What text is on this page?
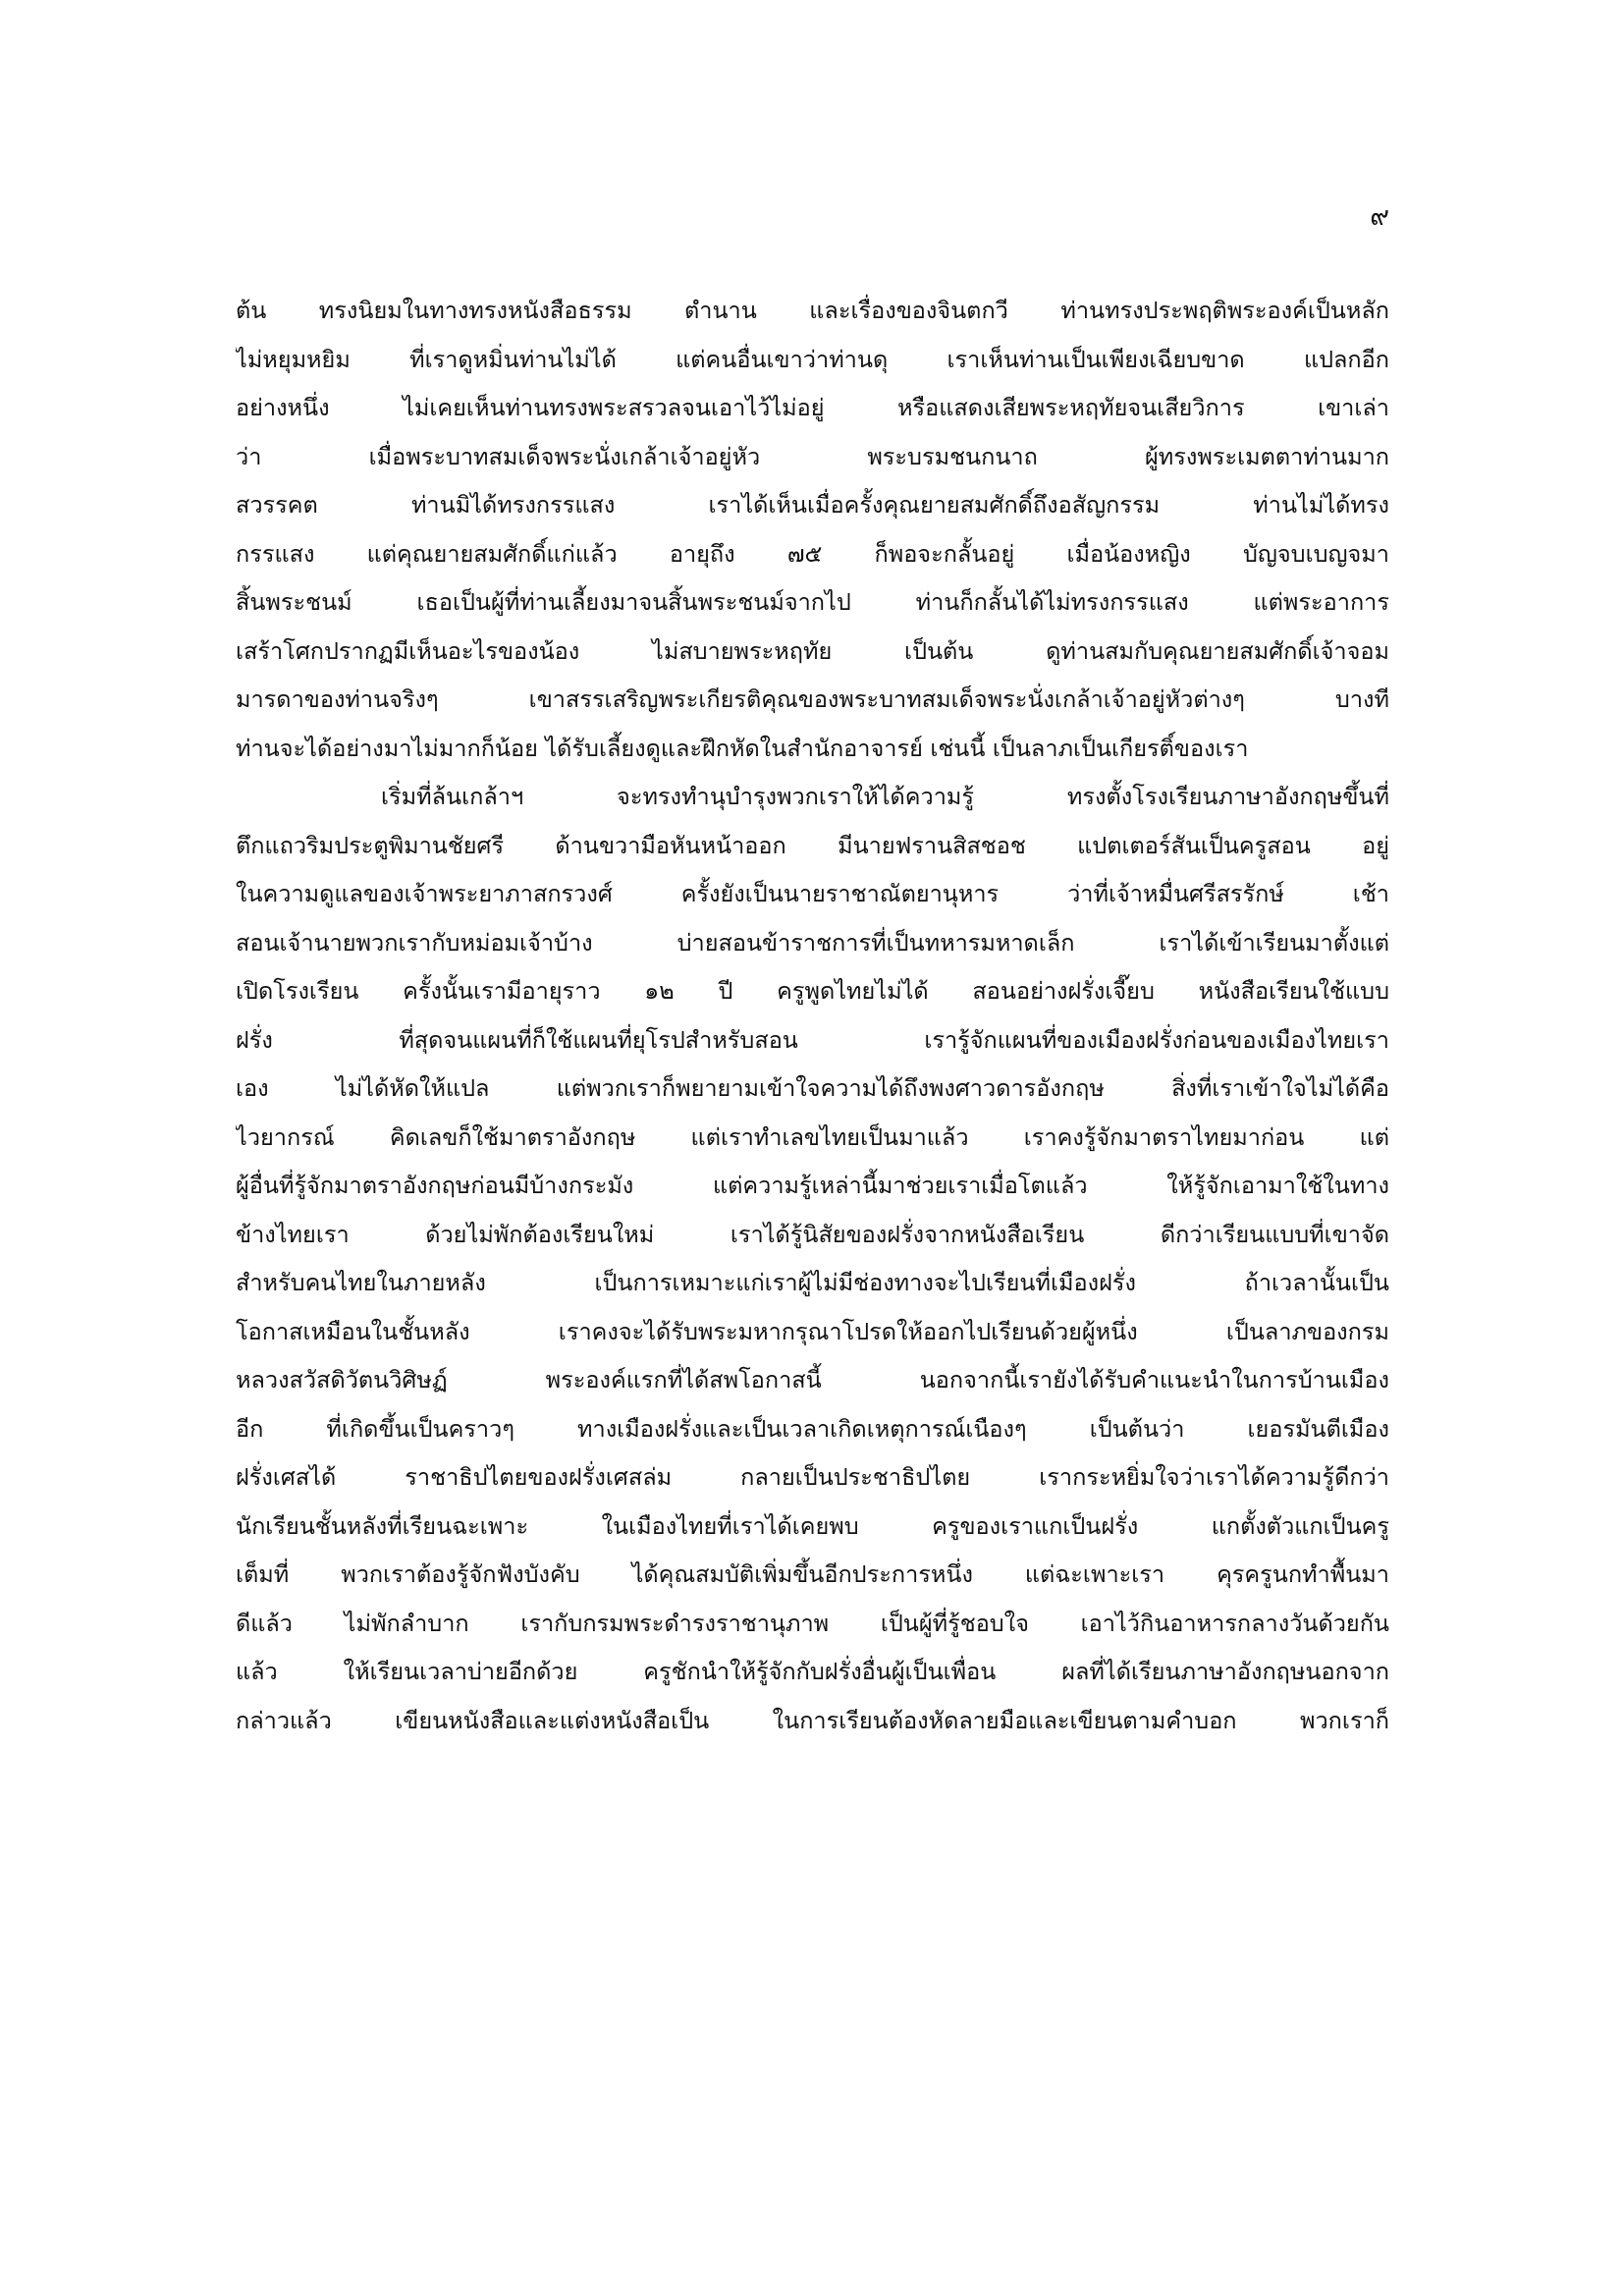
๙
ต้น ทรงนิยมในทางทรงหนังสือธรรม ตำนาน และเรื่องของจินตกวี ท่านทรงประพฤติพระองค์เป็นหลัก
ไม่หยุมหยิม ที่เราดูหมิ่นท่านไม่ได้ แต่คนอื่นเขาว่าท่านดุ เราเห็นท่านเป็นเพียงเฉียบขาด แปลกอีก
อย่างหนึ่ง ไม่เคยเห็นท่านทรงพระสรวลจนเอาไว้ไม่อยู่ หรือแสดงเสียพระหฤทัยจนเสียวิการ เขาเล่า
ว่า เมื่อพระบาทสมเด็จพระนั่งเกล้าเจ้าอยู่หัว พระบรมชนกนาถ ผู้ทรงพระเมตตาท่านมาก
สวรรคต ท่านมิได้ทรงกรรแสง เราได้เห็นเมื่อครั้งคุณยายสมศักดิ์ถึงอสัญกรรม ท่านไม่ได้ทรง
กรรแสง แต่คุณยายสมศักดิ์แก่แล้ว อายุถึง ๗๕ ก็พอจะกลั้นอยู่ เมื่อน้องหญิง บัญจบเบญจมา
สิ้นพระชนม์ เธอเป็นผู้ที่ท่านเลี้ยงมาจนสิ้นพระชนม์จากไป ท่านก็กลั้นได้ไม่ทรงกรรแสง แต่พระอาการ
เสร้าโศกปรากฏมีเห็นอะไรของน้อง ไม่สบายพระหฤทัย เป็นต้น ดูท่านสมกับคุณยายสมศักดิ์เจ้าจอม
มารดาของท่านจริงๆ เขาสรรเสริญพระเกียรติคุณของพระบาทสมเด็จพระนั่งเกล้าเจ้าอยู่หัวต่างๆ บางที
ท่านจะได้อย่างมาไม่มากก็น้อย ได้รับเลี้ยงดูและฝึกหัดในสำนักอาจารย์ เช่นนี้ เป็นลาภเป็นเกียรติ์ของเรา
เริ่มที่ล้นเกล้าฯ จะทรงทำนุบำรุงพวกเราให้ได้ความรู้ ทรงตั้งโรงเรียนภาษาอังกฤษขึ้นที่
ตึกแถวริมประตูพิมานชัยศรี ด้านขวามือหันหน้าออก มีนายฟรานสิสชอช แปตเตอร์สันเป็นครูสอน อยู่
ในความดูแลของเจ้าพระยาภาสกรวงศ์ ครั้งยังเป็นนายราชาณัตยานุหาร ว่าที่เจ้าหมื่นศรีสรรักษ์ เช้า
สอนเจ้านายพวกเรากับหม่อมเจ้าบ้าง บ่ายสอนข้าราชการที่เป็นทหารมหาดเล็ก เราได้เข้าเรียนมาตั้งแต่
เปิดโรงเรียน ครั้งนั้นเรามีอายุราว ๑๒ ปี ครูพูดไทยไม่ได้ สอนอย่างฝรั่งเจี๊ยบ หนังสือเรียนใช้แบบ
ฝรั่ง ที่สุดจนแผนที่ก็ใช้แผนที่ยุโรปสำหรับสอน เรารู้จักแผนที่ของเมืองฝรั่งก่อนของเมืองไทยเรา
เอง ไม่ได้หัดให้แปล แต่พวกเราก็พยายามเข้าใจความได้ถึงพงศาวดารอังกฤษ สิ่งที่เราเข้าใจไม่ได้คือ
ไวยากรณ์ คิดเลขก็ใช้มาตราอังกฤษ แต่เราทำเลขไทยเป็นมาแล้ว เราคงรู้จักมาตราไทยมาก่อน แต่
ผู้อื่นที่รู้จักมาตราอังกฤษก่อนมีบ้างกระมัง แต่ความรู้เหล่านี้มาช่วยเราเมื่อโตแล้ว ให้รู้จักเอามาใช้ในทาง
ข้างไทยเรา ด้วยไม่พักต้องเรียนใหม่ เราได้รู้นิสัยของฝรั่งจากหนังสือเรียน ดีกว่าเรียนแบบที่เขาจัด
สำหรับคนไทยในภายหลัง เป็นการเหมาะแก่เราผู้ไม่มีช่องทางจะไปเรียนที่เมืองฝรั่ง ถ้าเวลานั้นเป็น
โอกาสเหมือนในชั้นหลัง เราคงจะได้รับพระมหากรุณาโปรดให้ออกไปเรียนด้วยผู้หนึ่ง เป็นลาภของกรม
หลวงสวัสดิวัตนวิศิษฏ์ พระองค์แรกที่ได้สพโอกาสนี้ นอกจากนี้เรายังได้รับคำแนะนำในการบ้านเมือง
อีก ที่เกิดขึ้นเป็นคราวๆ ทางเมืองฝรั่งและเป็นเวลาเกิดเหตุการณ์เนืองๆ เป็นต้นว่า เยอรมันตีเมือง
ฝรั่งเศสได้ ราชาธิปไตยของฝรั่งเศสล่ม กลายเป็นประชาธิปไตย เรากระหยิ่มใจว่าเราได้ความรู้ดีกว่า
นักเรียนชั้นหลังที่เรียนฉะเพาะ ในเมืองไทยที่เราได้เคยพบ ครูของเราแกเป็นฝรั่ง แกตั้งตัวแกเป็นครู
เต็มที่ พวกเราต้องรู้จักฟังบังคับ ได้คุณสมบัติเพิ่มขึ้นอีกประการหนึ่ง แต่ฉะเพาะเรา คุรครูนกทำพื้นมา
ดีแล้ว ไม่พักลำบาก เรากับกรมพระดำรงราชานุภาพ เป็นผู้ที่รู้ชอบใจ เอาไว้กินอาหารกลางวันด้วยกัน
แล้ว ให้เรียนเวลาบ่ายอีกด้วย ครูชักนำให้รู้จักกับฝรั่งอื่นผู้เป็นเพื่อน ผลที่ได้เรียนภาษาอังกฤษนอกจาก
กล่าวแล้ว เขียนหนังสือและแต่งหนังสือเป็น ในการเรียนต้องหัดลายมือและเขียนตามคำบอก พวกเราก็
